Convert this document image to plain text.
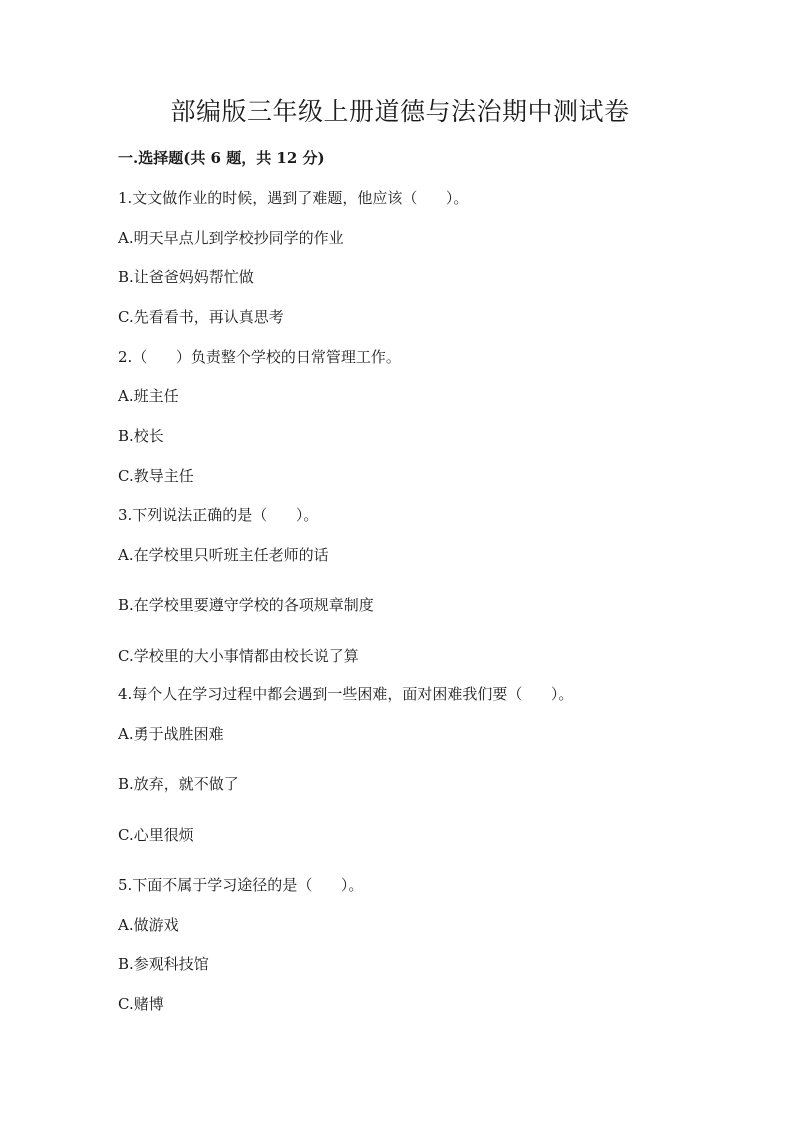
部编版三年级上册道德与法治期中测试卷
一.选择题(共 6 题，共 12 分)
1.文文做作业的时候，遇到了难题，他应该（      ）。
A.明天早点儿到学校抄同学的作业
B.让爸爸妈妈帮忙做
C.先看看书，再认真思考
2.（      ）负责整个学校的日常管理工作。
A.班主任
B.校长
C.教导主任
3.下列说法正确的是（      ）。
A.在学校里只听班主任老师的话
B.在学校里要遵守学校的各项规章制度
C.学校里的大小事情都由校长说了算
4.每个人在学习过程中都会遇到一些困难，面对困难我们要（      ）。
A.勇于战胜困难
B.放弃，就不做了
C.心里很烦
5.下面不属于学习途径的是（      ）。
A.做游戏
B.参观科技馆
C.赌博
